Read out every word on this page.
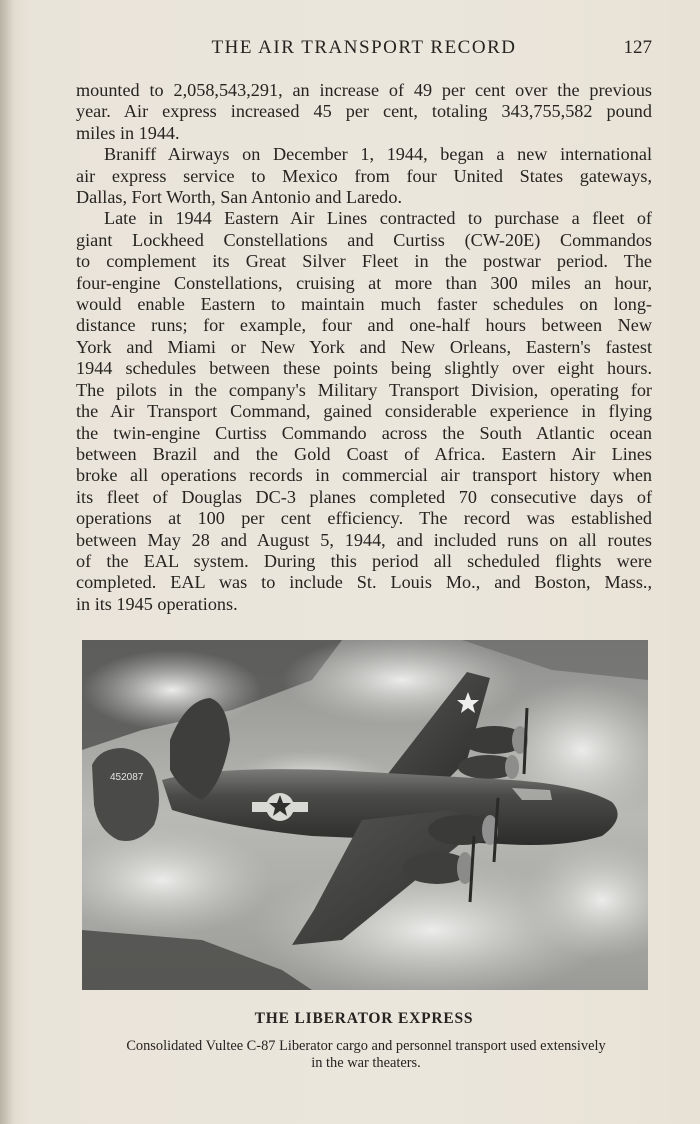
THE AIR TRANSPORT RECORD	127
mounted to 2,058,543,291, an increase of 49 per cent over the previous
year. Air express increased 45 per cent, totaling 343,755,582 pound
miles in 1944.
Braniff Airways on December 1, 1944, began a new international
air express service to Mexico from four United States gateways,
Dallas, Fort Worth, San Antonio and Laredo.
Late in 1944 Eastern Air Lines contracted to purchase a fleet of
giant Lockheed Constellations and Curtiss (CW-20E) Commandos
to complement its Great Silver Fleet in the postwar period. The
four-engine Constellations, cruising at more than 300 miles an hour,
would enable Eastern to maintain much faster schedules on long-
distance runs; for example, four and one-half hours between New
York and Miami or New York and New Orleans, Eastern's fastest
1944 schedules between these points being slightly over eight hours.
The pilots in the company's Military Transport Division, operating for
the Air Transport Command, gained considerable experience in flying
the twin-engine Curtiss Commando across the South Atlantic ocean
between Brazil and the Gold Coast of Africa. Eastern Air Lines
broke all operations records in commercial air transport history when
its fleet of Douglas DC-3 planes completed 70 consecutive days of
operations at 100 per cent efficiency. The record was established
between May 28 and August 5, 1944, and included runs on all routes
of the EAL system. During this period all scheduled flights were
completed. EAL was to include St. Louis Mo., and Boston, Mass.,
in its 1945 operations.
452087

THE LIBERATOR EXPRESS

Consolidated Vultee C-87 Liberator cargo and personnel transport used extensively
in the war theaters.
